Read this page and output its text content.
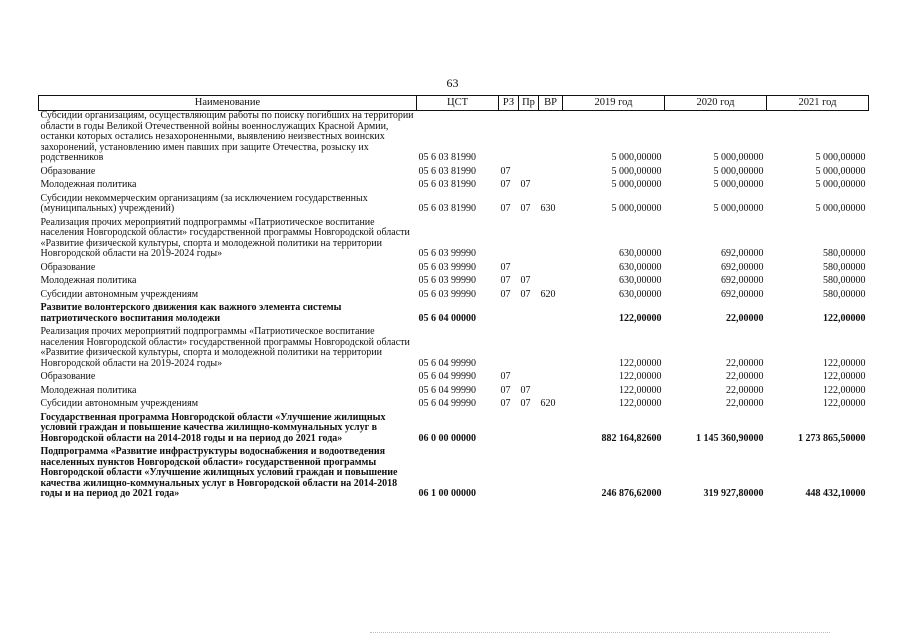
63
Наименование	ЦСТ	РЗ	Пр	ВР	2019 год	2020 год	2021 год
Субсидии организациям, осуществляющим работы по поиску погибших на территории области в годы Великой Отечественной войны военнослужащих Красной Армии, останки которых остались незахороненными, выявлению неизвестных воинских захоронений, установлению имен павших при защите Отечества, розыску их родственников	05 6 03 81990				5 000,00000	5 000,00000	5 000,00000
Образование	05 6 03 81990	07			5 000,00000	5 000,00000	5 000,00000
Молодежная политика	05 6 03 81990	07	07		5 000,00000	5 000,00000	5 000,00000
Субсидии некоммерческим организациям (за исключением государственных (муниципальных) учреждений)	05 6 03 81990	07	07	630	5 000,00000	5 000,00000	5 000,00000
Реализация прочих мероприятий подпрограммы «Патриотическое воспитание населения Новгородской области» государственной программы Новгородской области «Развитие физической культуры, спорта и молодежной политики на территории Новгородской области на 2019-2024 годы»	05 6 03 99990				630,00000	692,00000	580,00000
Образование	05 6 03 99990	07			630,00000	692,00000	580,00000
Молодежная политика	05 6 03 99990	07	07		630,00000	692,00000	580,00000
Субсидии автономным учреждениям	05 6 03 99990	07	07	620	630,00000	692,00000	580,00000
Развитие волонтерского движения как важного элемента системы патриотического воспитания молодежи	05 6 04 00000				122,00000	22,00000	122,00000
Реализация прочих мероприятий подпрограммы «Патриотическое воспитание населения Новгородской области» государственной программы Новгородской области «Развитие физической культуры, спорта и молодежной политики на территории Новгородской области на 2019-2024 годы»	05 6 04 99990				122,00000	22,00000	122,00000
Образование	05 6 04 99990	07			122,00000	22,00000	122,00000
Молодежная политика	05 6 04 99990	07	07		122,00000	22,00000	122,00000
Субсидии автономным учреждениям	05 6 04 99990	07	07	620	122,00000	22,00000	122,00000
Государственная программа Новгородской области «Улучшение жилищных условий граждан и повышение качества жилищно-коммунальных услуг в Новгородской области на 2014-2018 годы и на период до 2021 года»	06 0 00 00000				882 164,82600	1 145 360,90000	1 273 865,50000
Подпрограмма «Развитие инфраструктуры водоснабжения и водоотведения населенных пунктов Новгородской области» государственной программы Новгородской области «Улучшение жилищных условий граждан и повышение качества жилищно-коммунальных услуг в Новгородской области на 2014-2018 годы и на период до 2021 года»	06 1 00 00000				246 876,62000	319 927,80000	448 432,10000
